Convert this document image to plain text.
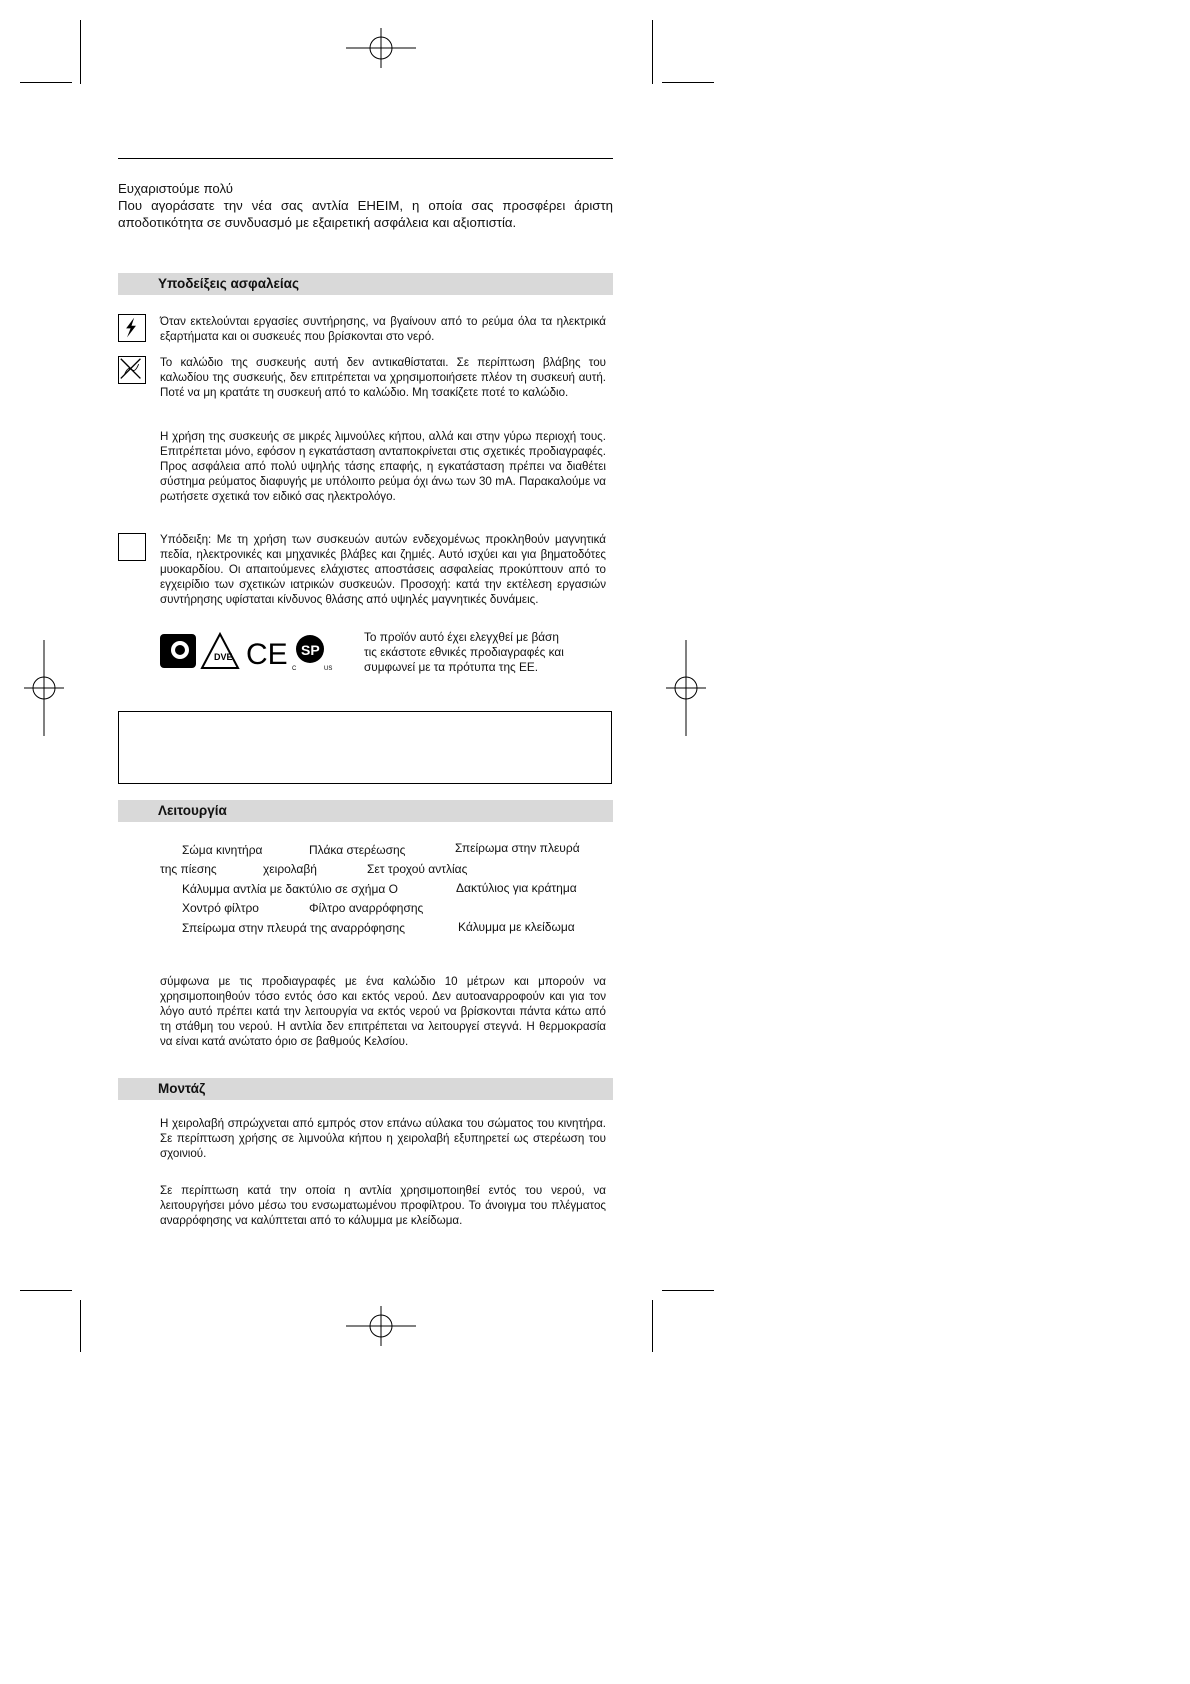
Ευχαριστούμε πολύ
Που αγοράσατε την νέα σας αντλία EHEIM, η οποία σας προσφέρει άριστη αποδοτικότητα σε συνδυασμό με εξαιρετική ασφάλεια και αξιοπιστία.
Υποδείξεις ασφαλείας
Όταν εκτελούνται εργασίες συντήρησης, να βγαίνουν από το ρεύμα όλα τα ηλεκτρικά εξαρτήματα και οι συσκευές που βρίσκονται στο νερό.
Το καλώδιο της συσκευής αυτή δεν αντικαθίσταται. Σε περίπτωση βλάβης του καλωδίου της συσκευής, δεν επιτρέπεται να χρησιμοποιήσετε πλέον τη συσκευή αυτή. Ποτέ να μη κρατάτε τη συσκευή από το καλώδιο. Μη τσακίζετε ποτέ το καλώδιο.
Η χρήση της συσκευής σε μικρές λιμνούλες κήπου, αλλά και στην γύρω περιοχή τους. Επιτρέπεται μόνο, εφόσον η εγκατάσταση ανταποκρίνεται στις σχετικές προδιαγραφές. Προς ασφάλεια από πολύ υψηλής τάσης επαφής, η εγκατάσταση πρέπει να διαθέτει σύστημα ρεύματος διαφυγής με υπόλοιπο ρεύμα όχι άνω των 30 mA. Παρακαλούμε να ρωτήσετε σχετικά τον ειδικό σας ηλεκτρολόγο.
Υπόδειξη: Με τη χρήση των συσκευών αυτών ενδεχομένως προκληθούν μαγνητικά πεδία, ηλεκτρονικές και μηχανικές βλάβες και ζημιές. Αυτό ισχύει και για βηματοδότες μυοκαρδίου. Οι απαιτούμενες ελάχιστες αποστάσεις ασφαλείας προκύπτουν από το εγχειρίδιο των σχετικών ιατρικών συσκευών. Προσοχή: κατά την εκτέλεση εργασιών συντήρησης υφίσταται κίνδυνος θλάσης από υψηλές μαγνητικές δυνάμεις.
DVE CE SP
C	US
Το προϊόν αυτό έχει ελεγχθεί με βάση
τις εκάστοτε εθνικές προδιαγραφές και
συμφωνεί με τα πρότυπα της ΕΕ.
Λειτουργία
Σώμα κινητήρα	Πλάκα στερέωσης	Σπείρωμα στην πλευρά
της πίεσης	χειρολαβή	Σετ τροχού αντλίας
Κάλυμμα αντλία με δακτύλιο σε σχήμα O	Δακτύλιος για κράτημα
Χοντρό φίλτρο	Φίλτρο αναρρόφησης
Σπείρωμα στην πλευρά της αναρρόφησης	Κάλυμμα με κλείδωμα
σύμφωνα με τις προδιαγραφές με ένα καλώδιο 10 μέτρων και μπορούν να χρησιμοποιηθούν τόσο εντός όσο και εκτός νερού. Δεν αυτοαναρροφούν και για τον λόγο αυτό πρέπει κατά την λειτουργία να εκτός νερού να βρίσκονται πάντα κάτω από τη στάθμη του νερού. Η αντλία δεν επιτρέπεται να λειτουργεί στεγνά. Η θερμοκρασία να είναι κατά ανώτατο όριο σε βαθμούς Κελσίου.
Μοντάζ
Η χειρολαβή σπρώχνεται από εμπρός στον επάνω αύλακα του σώματος του κινητήρα. Σε περίπτωση χρήσης σε λιμνούλα κήπου η χειρολαβή εξυπηρετεί ως στερέωση του σχοινιού.
Σε περίπτωση κατά την οποία η αντλία χρησιμοποιηθεί εντός του νερού, να λειτουργήσει μόνο μέσω του ενσωματωμένου προφίλτρου. Το άνοιγμα του πλέγματος αναρρόφησης να καλύπτεται από το κάλυμμα με κλείδωμα.
